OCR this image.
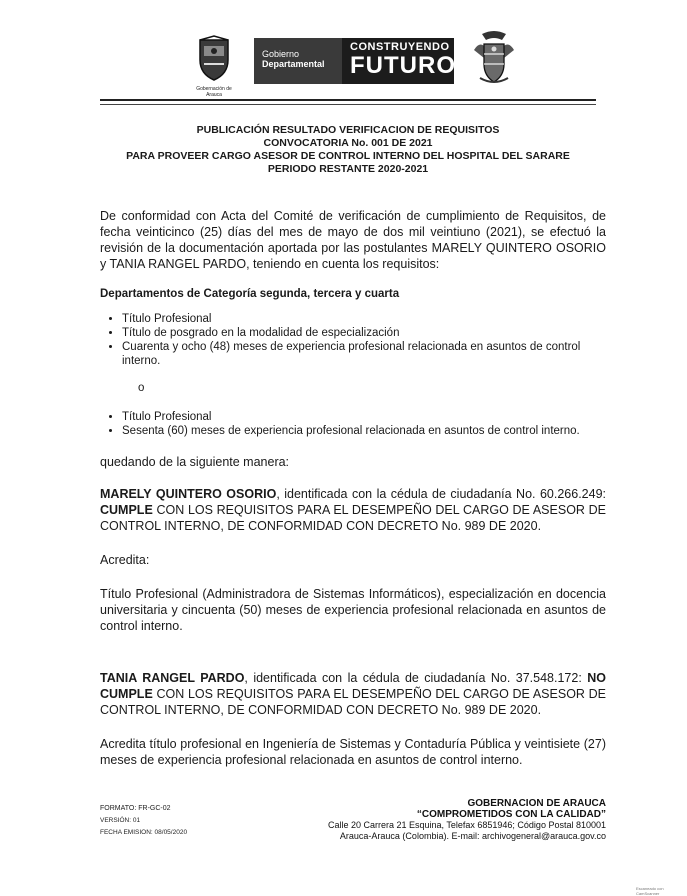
Gobernación de Arauca
Gobierno
Departamental
CONSTRUYENDO
FUTURO
PUBLICACIÓN RESULTADO VERIFICACION DE REQUISITOS
CONVOCATORIA No. 001 DE 2021
PARA PROVEER CARGO ASESOR DE CONTROL INTERNO DEL HOSPITAL DEL SARARE
PERIODO RESTANTE 2020-2021

De conformidad con Acta del Comité de verificación de cumplimiento de Requisitos, de fecha veinticinco (25) días del mes de mayo de dos mil veintiuno (2021), se efectuó la revisión de la documentación aportada por las postulantes MARELY QUINTERO OSORIO y TANIA RANGEL PARDO, teniendo en cuenta los requisitos:

Departamentos de Categoría segunda, tercera y cuarta

• Título Profesional
• Título de posgrado en la modalidad de especialización
• Cuarenta y ocho (48) meses de experiencia profesional relacionada en asuntos de control interno.

o

• Título Profesional
• Sesenta (60) meses de experiencia profesional relacionada en asuntos de control interno.

quedando de la siguiente manera:

MARELY QUINTERO OSORIO, identificada con la cédula de ciudadanía No. 60.266.249: CUMPLE CON LOS REQUISITOS PARA EL DESEMPEÑO DEL CARGO DE ASESOR DE CONTROL INTERNO, DE CONFORMIDAD CON DECRETO No. 989 DE 2020.

Acredita:

Título Profesional (Administradora de Sistemas Informáticos), especialización en docencia universitaria y cincuenta (50) meses de experiencia profesional relacionada en asuntos de control interno.

TANIA RANGEL PARDO, identificada con la cédula de ciudadanía No. 37.548.172: NO CUMPLE CON LOS REQUISITOS PARA EL DESEMPEÑO DEL CARGO DE ASESOR DE CONTROL INTERNO, DE CONFORMIDAD CON DECRETO No. 989 DE 2020.

Acredita título profesional en Ingeniería de Sistemas y Contaduría Pública y veintisiete (27) meses de experiencia profesional relacionada en asuntos de control interno.

FORMATO: FR-GC-02
VERSIÓN: 01
FECHA EMISION: 08/05/2020
GOBERNACION DE ARAUCA
“COMPROMETIDOS CON LA CALIDAD”
Calle 20 Carrera 21 Esquina, Telefax 6851946; Código Postal 810001
Arauca-Arauca (Colombia). E-mail: archivogeneral@arauca.gov.co
Escaneado con CamScanner
